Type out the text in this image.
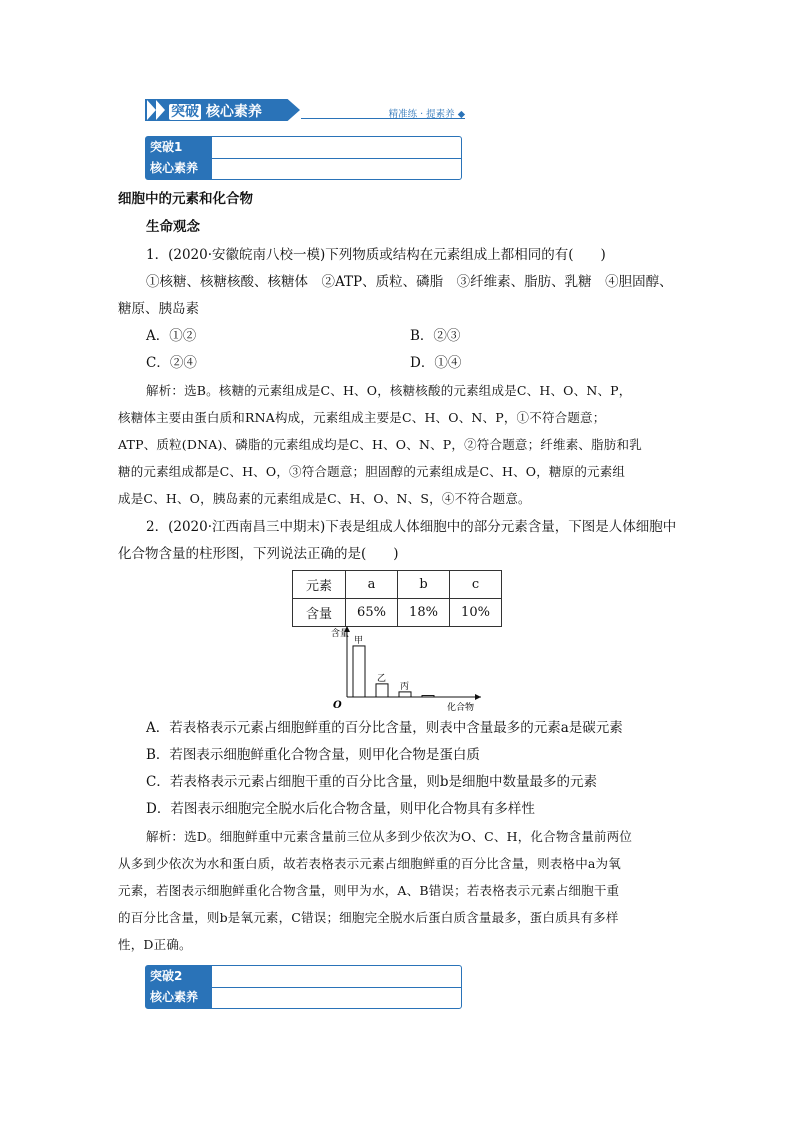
突破 核心素养	精准练 · 提素养 ◆
突破1
核心素养
细胞中的元素和化合物
生命观念
1．(2020·安徽皖南八校一模)下列物质或结构在元素组成上都相同的有(　　)
①核糖、核糖核酸、核糖体　②ATP、质粒、磷脂　③纤维素、脂肪、乳糖　④胆固醇、
糖原、胰岛素
A．①②	B．②③
C．②④	D．①④
解析：选B。核糖的元素组成是C、H、O，核糖核酸的元素组成是C、H、O、N、P，
核糖体主要由蛋白质和RNA构成，元素组成主要是C、H、O、N、P，①不符合题意；
ATP、质粒(DNA)、磷脂的元素组成均是C、H、O、N、P，②符合题意；纤维素、脂肪和乳
糖的元素组成都是C、H、O，③符合题意；胆固醇的元素组成是C、H、O，糖原的元素组
成是C、H、O，胰岛素的元素组成是C、H、O、N、S，④不符合题意。
2．(2020·江西南昌三中期末)下表是组成人体细胞中的部分元素含量，下图是人体细胞中
化合物含量的柱形图，下列说法正确的是(　　)
元素	a	b	c
含量	65%	18%	10%
含量
化合物
O
甲
乙
丙
A．若表格表示元素占细胞鲜重的百分比含量，则表中含量最多的元素a是碳元素
B．若图表示细胞鲜重化合物含量，则甲化合物是蛋白质
C．若表格表示元素占细胞干重的百分比含量，则b是细胞中数量最多的元素
D．若图表示细胞完全脱水后化合物含量，则甲化合物具有多样性
解析：选D。细胞鲜重中元素含量前三位从多到少依次为O、C、H，化合物含量前两位
从多到少依次为水和蛋白质，故若表格表示元素占细胞鲜重的百分比含量，则表格中a为氧
元素，若图表示细胞鲜重化合物含量，则甲为水，A、B错误；若表格表示元素占细胞干重
的百分比含量，则b是氧元素，C错误；细胞完全脱水后蛋白质含量最多，蛋白质具有多样
性，D正确。
突破2
核心素养
